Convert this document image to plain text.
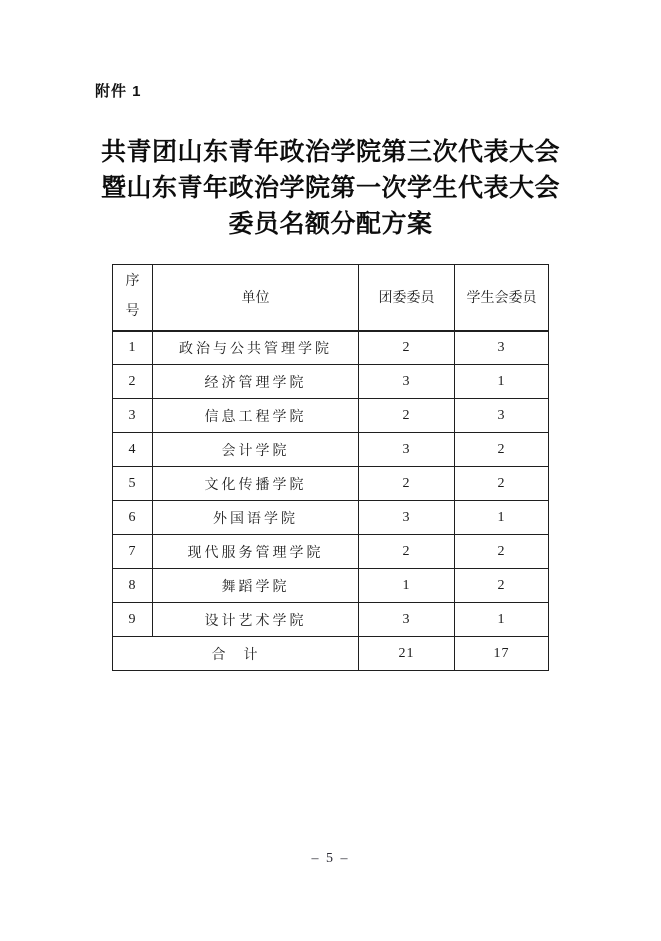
附件 1
共青团山东青年政治学院第三次代表大会
暨山东青年政治学院第一次学生代表大会
委员名额分配方案
序号	单位	团委委员	学生会委员
1	政治与公共管理学院	2	3
2	经济管理学院	3	1
3	信息工程学院	2	3
4	会计学院	3	2
5	文化传播学院	2	2
6	外国语学院	3	1
7	现代服务管理学院	2	2
8	舞蹈学院	1	2
9	设计艺术学院	3	1
合　计		21	17
– 5 –
